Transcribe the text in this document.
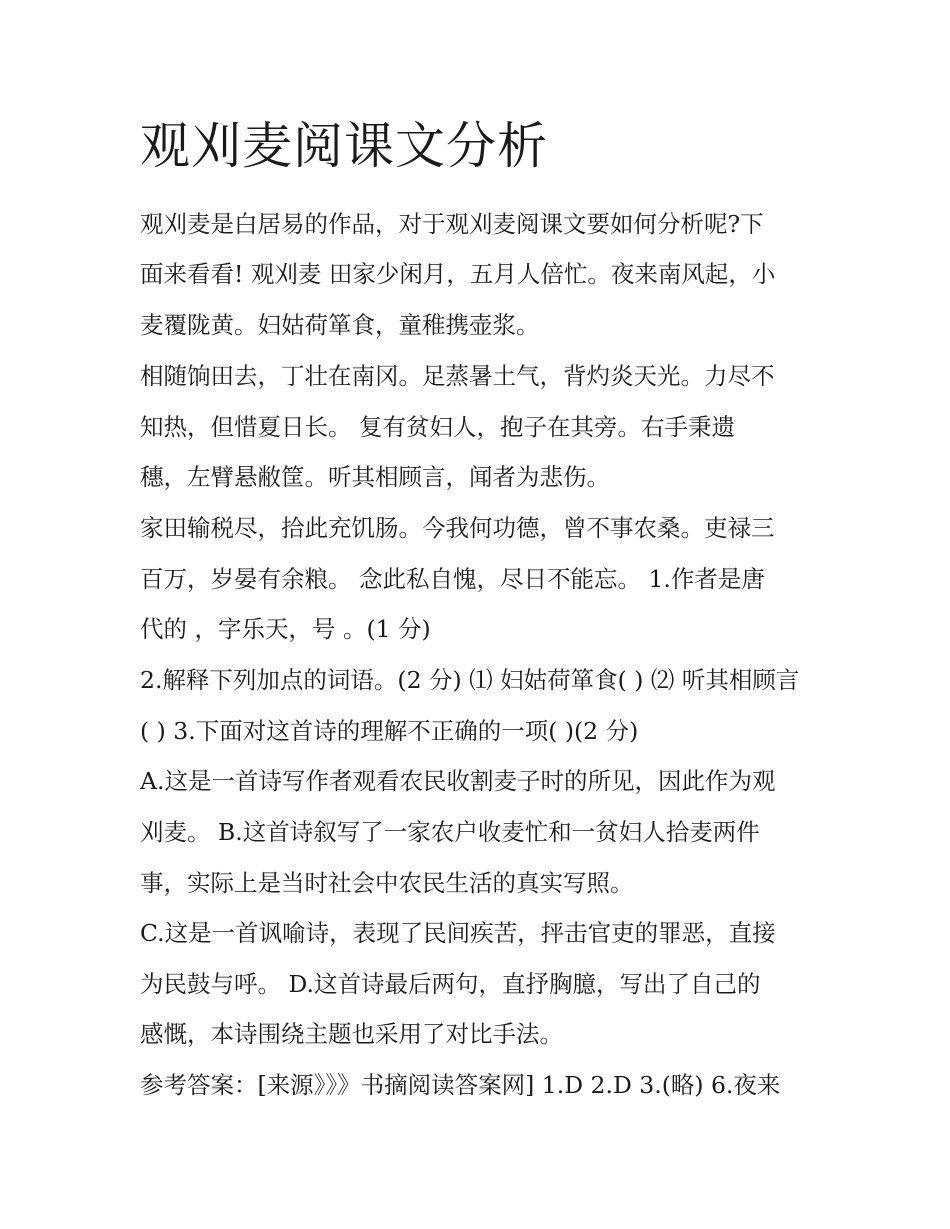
观刈麦阅课文分析

观刈麦是白居易的作品，对于观刈麦阅课文要如何分析呢?下

面来看看! 观刈麦 田家少闲月，五月人倍忙。夜来南风起，小

麦覆陇黄。妇姑荷箪食，童稚携壶浆。

相随饷田去，丁壮在南冈。足蒸暑土气，背灼炎天光。力尽不

知热，但惜夏日长。 复有贫妇人，抱子在其旁。右手秉遗

穗，左臂悬敝筐。听其相顾言，闻者为悲伤。

家田输税尽，拾此充饥肠。今我何功德，曾不事农桑。吏禄三

百万，岁晏有余粮。 念此私自愧，尽日不能忘。 1.作者是唐

代的 ，字乐天，号 。(1 分)

2.解释下列加点的词语。(2 分) ⑴ 妇姑荷箪食( ) ⑵ 听其相顾言

( ) 3.下面对这首诗的理解不正确的一项( )(2 分)

A.这是一首诗写作者观看农民收割麦子时的所见，因此作为观

刈麦。 B.这首诗叙写了一家农户收麦忙和一贫妇人拾麦两件

事，实际上是当时社会中农民生活的真实写照。

C.这是一首讽喻诗，表现了民间疾苦，抨击官吏的罪恶，直接

为民鼓与呼。 D.这首诗最后两句，直抒胸臆，写出了自己的

感慨，本诗围绕主题也采用了对比手法。

参考答案：[来源》》》书摘阅读答案网] 1.D 2.D 3.(略) 6.夜来
